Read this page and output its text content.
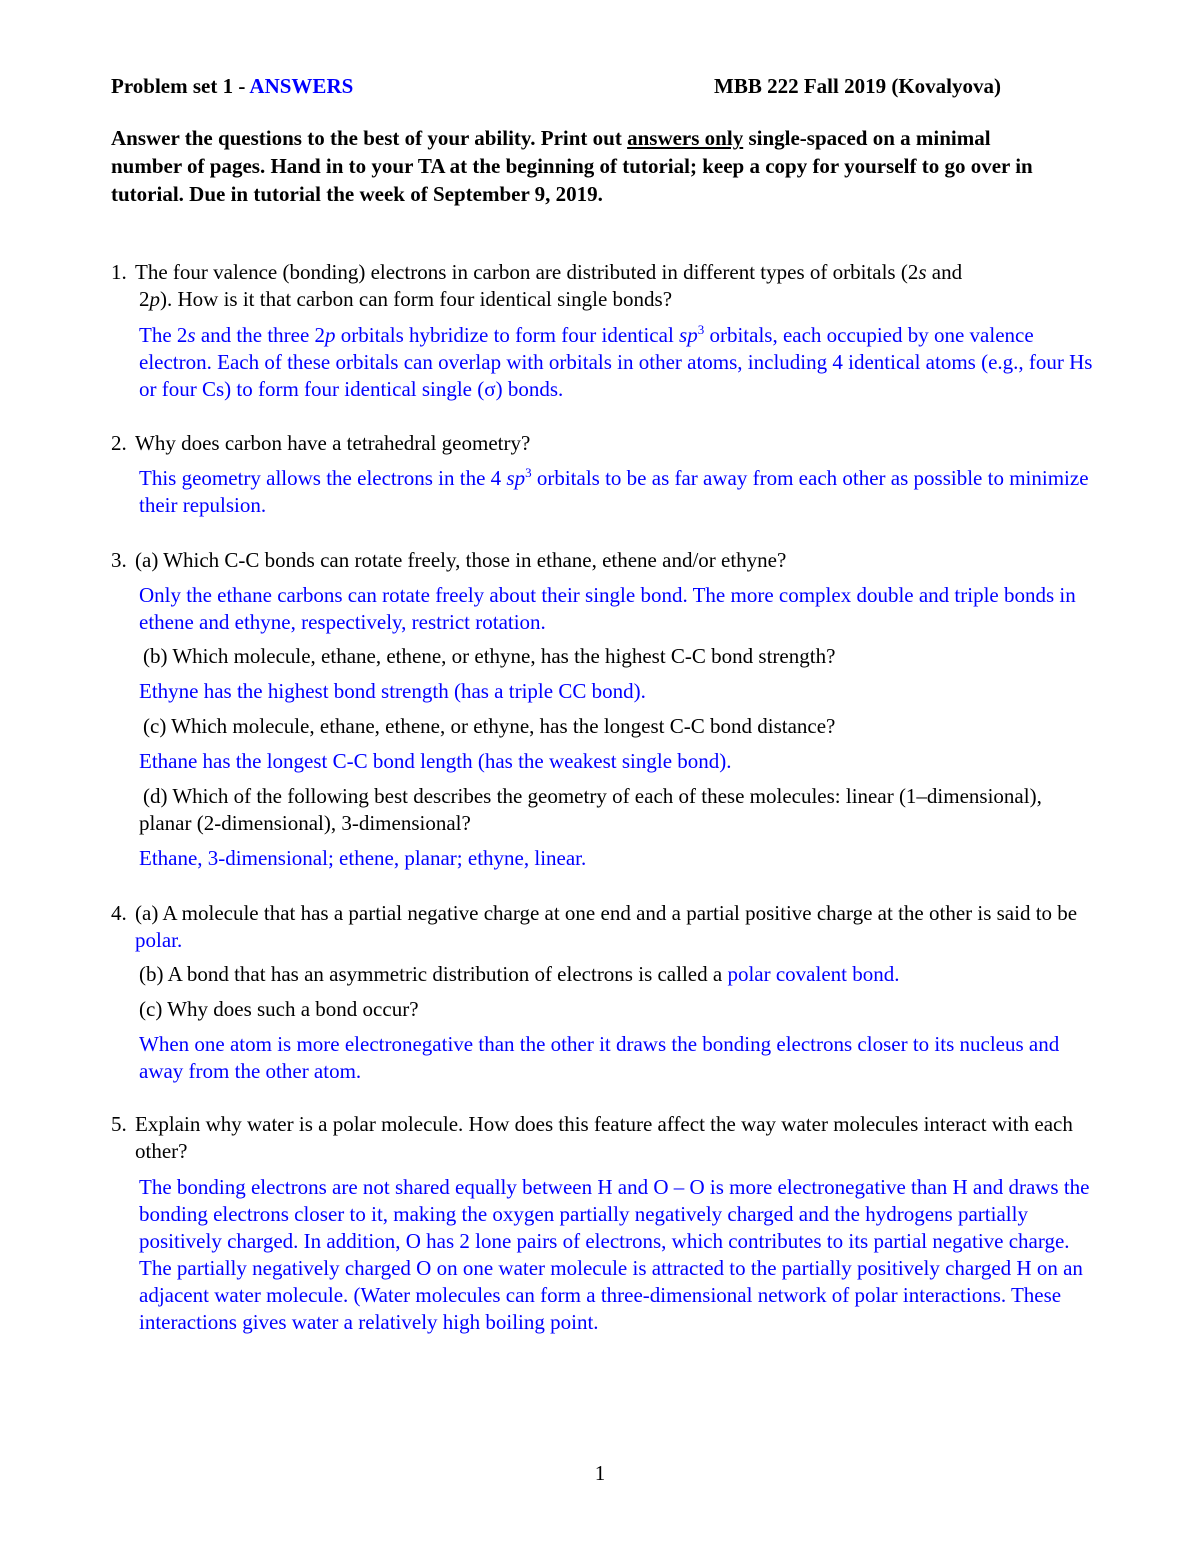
Problem set 1 - ANSWERS	MBB 222 Fall 2019 (Kovalyova)
Answer the questions to the best of your ability. Print out answers only single-spaced on a minimal number of pages. Hand in to your TA at the beginning of tutorial; keep a copy for yourself to go over in tutorial. Due in tutorial the week of September 9, 2019.
1. The four valence (bonding) electrons in carbon are distributed in different types of orbitals (2s and
2p). How is it that carbon can form four identical single bonds?
The 2s and the three 2p orbitals hybridize to form four identical $sp^3$ orbitals, each occupied by one valence electron. Each of these orbitals can overlap with orbitals in other atoms, including 4 identical atoms (e.g., four Hs or four Cs) to form four identical single (σ) bonds.
2. Why does carbon have a tetrahedral geometry?
This geometry allows the electrons in the 4 $sp^3$ orbitals to be as far away from each other as possible to minimize their repulsion.
3. (a) Which C-C bonds can rotate freely, those in ethane, ethene and/or ethyne?
Only the ethane carbons can rotate freely about their single bond. The more complex double and triple bonds in ethene and ethyne, respectively, restrict rotation.
(b) Which molecule, ethane, ethene, or ethyne, has the highest C-C bond strength?
Ethyne has the highest bond strength (has a triple CC bond).
(c) Which molecule, ethane, ethene, or ethyne, has the longest C-C bond distance?
Ethane has the longest C-C bond length (has the weakest single bond).
(d) Which of the following best describes the geometry of each of these molecules: linear (1–dimensional), planar (2-dimensional), 3-dimensional?
Ethane, 3-dimensional; ethene, planar; ethyne, linear.
4. (a) A molecule that has a partial negative charge at one end and a partial positive charge at the other is said to be polar.
(b) A bond that has an asymmetric distribution of electrons is called a polar covalent bond.
(c) Why does such a bond occur?
When one atom is more electronegative than the other it draws the bonding electrons closer to its nucleus and away from the other atom.
5. Explain why water is a polar molecule. How does this feature affect the way water molecules interact with each other?
The bonding electrons are not shared equally between H and O – O is more electronegative than H and draws the bonding electrons closer to it, making the oxygen partially negatively charged and the hydrogens partially positively charged. In addition, O has 2 lone pairs of electrons, which contributes to its partial negative charge. The partially negatively charged O on one water molecule is attracted to the partially positively charged H on an adjacent water molecule. (Water molecules can form a three-dimensional network of polar interactions. These interactions gives water a relatively high boiling point.
1
